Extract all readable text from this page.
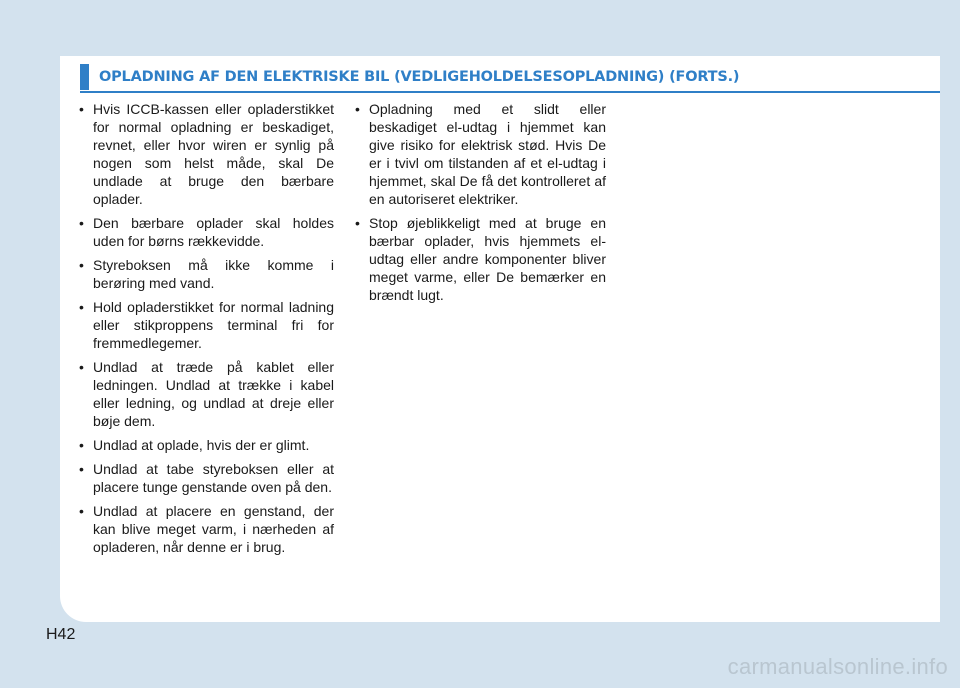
OPLADNING AF DEN ELEKTRISKE BIL (VEDLIGEHOLDELSESOPLADNING) (FORTS.)
• Hvis ICCB-kassen eller opladerstikket for normal opladning er beskadiget, revnet, eller hvor wiren er synlig på nogen som helst måde, skal De undlade at bruge den bærbare oplader.
• Den bærbare oplader skal holdes uden for børns rækkevidde.
• Styreboksen må ikke komme i berøring med vand.
• Hold opladerstikket for normal ladning eller stikproppens terminal fri for fremmedlegemer.
• Undlad at træde på kablet eller ledningen. Undlad at trække i kabel eller ledning, og undlad at dreje eller bøje dem.
• Undlad at oplade, hvis der er glimt.
• Undlad at tabe styreboksen eller at placere tunge genstande oven på den.
• Undlad at placere en genstand, der kan blive meget varm, i nærheden af opladeren, når denne er i brug.
• Opladning med et slidt eller beskadiget el-udtag i hjemmet kan give risiko for elektrisk stød. Hvis De er i tvivl om tilstanden af et el-udtag i hjemmet, skal De få det kontrolleret af en autoriseret elektriker.
• Stop øjeblikkeligt med at bruge en bærbar oplader, hvis hjemmets el-udtag eller andre komponenter bliver meget varme, eller De bemærker en brændt lugt.
H42
carmanualsonline.info
